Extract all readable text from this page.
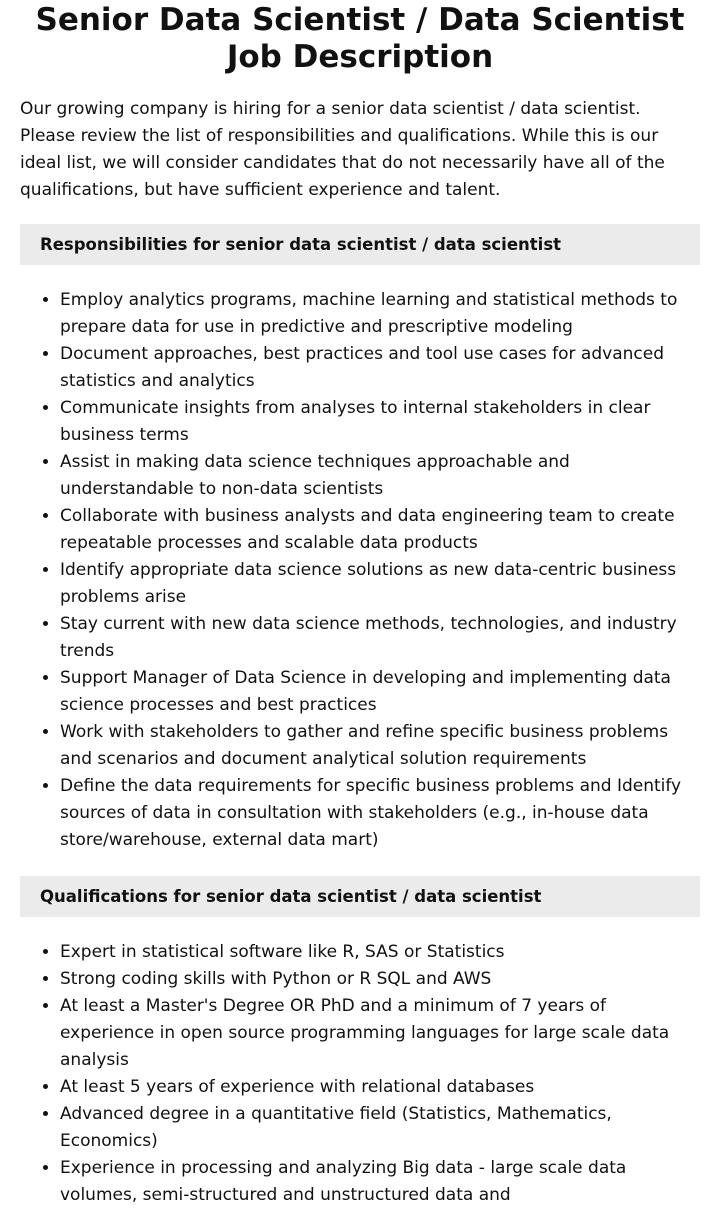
Senior Data Scientist / Data Scientist Job Description

Our growing company is hiring for a senior data scientist / data scientist. Please review the list of responsibilities and qualifications. While this is our ideal list, we will consider candidates that do not necessarily have all of the qualifications, but have sufficient experience and talent.

Responsibilities for senior data scientist / data scientist
• Employ analytics programs, machine learning and statistical methods to prepare data for use in predictive and prescriptive modeling
• Document approaches, best practices and tool use cases for advanced statistics and analytics
• Communicate insights from analyses to internal stakeholders in clear business terms
• Assist in making data science techniques approachable and understandable to non-data scientists
• Collaborate with business analysts and data engineering team to create repeatable processes and scalable data products
• Identify appropriate data science solutions as new data-centric business problems arise
• Stay current with new data science methods, technologies, and industry trends
• Support Manager of Data Science in developing and implementing data science processes and best practices
• Work with stakeholders to gather and refine specific business problems and scenarios and document analytical solution requirements
• Define the data requirements for specific business problems and Identify sources of data in consultation with stakeholders (e.g., in-house data store/warehouse, external data mart)
Qualifications for senior data scientist / data scientist
• Expert in statistical software like R, SAS or Statistics
• Strong coding skills with Python or R SQL and AWS
• At least a Master's Degree OR PhD and a minimum of 7 years of experience in open source programming languages for large scale data analysis
• At least 5 years of experience with relational databases
• Advanced degree in a quantitative field (Statistics, Mathematics, Economics)
• Experience in processing and analyzing Big data - large scale data volumes, semi-structured and unstructured data and
